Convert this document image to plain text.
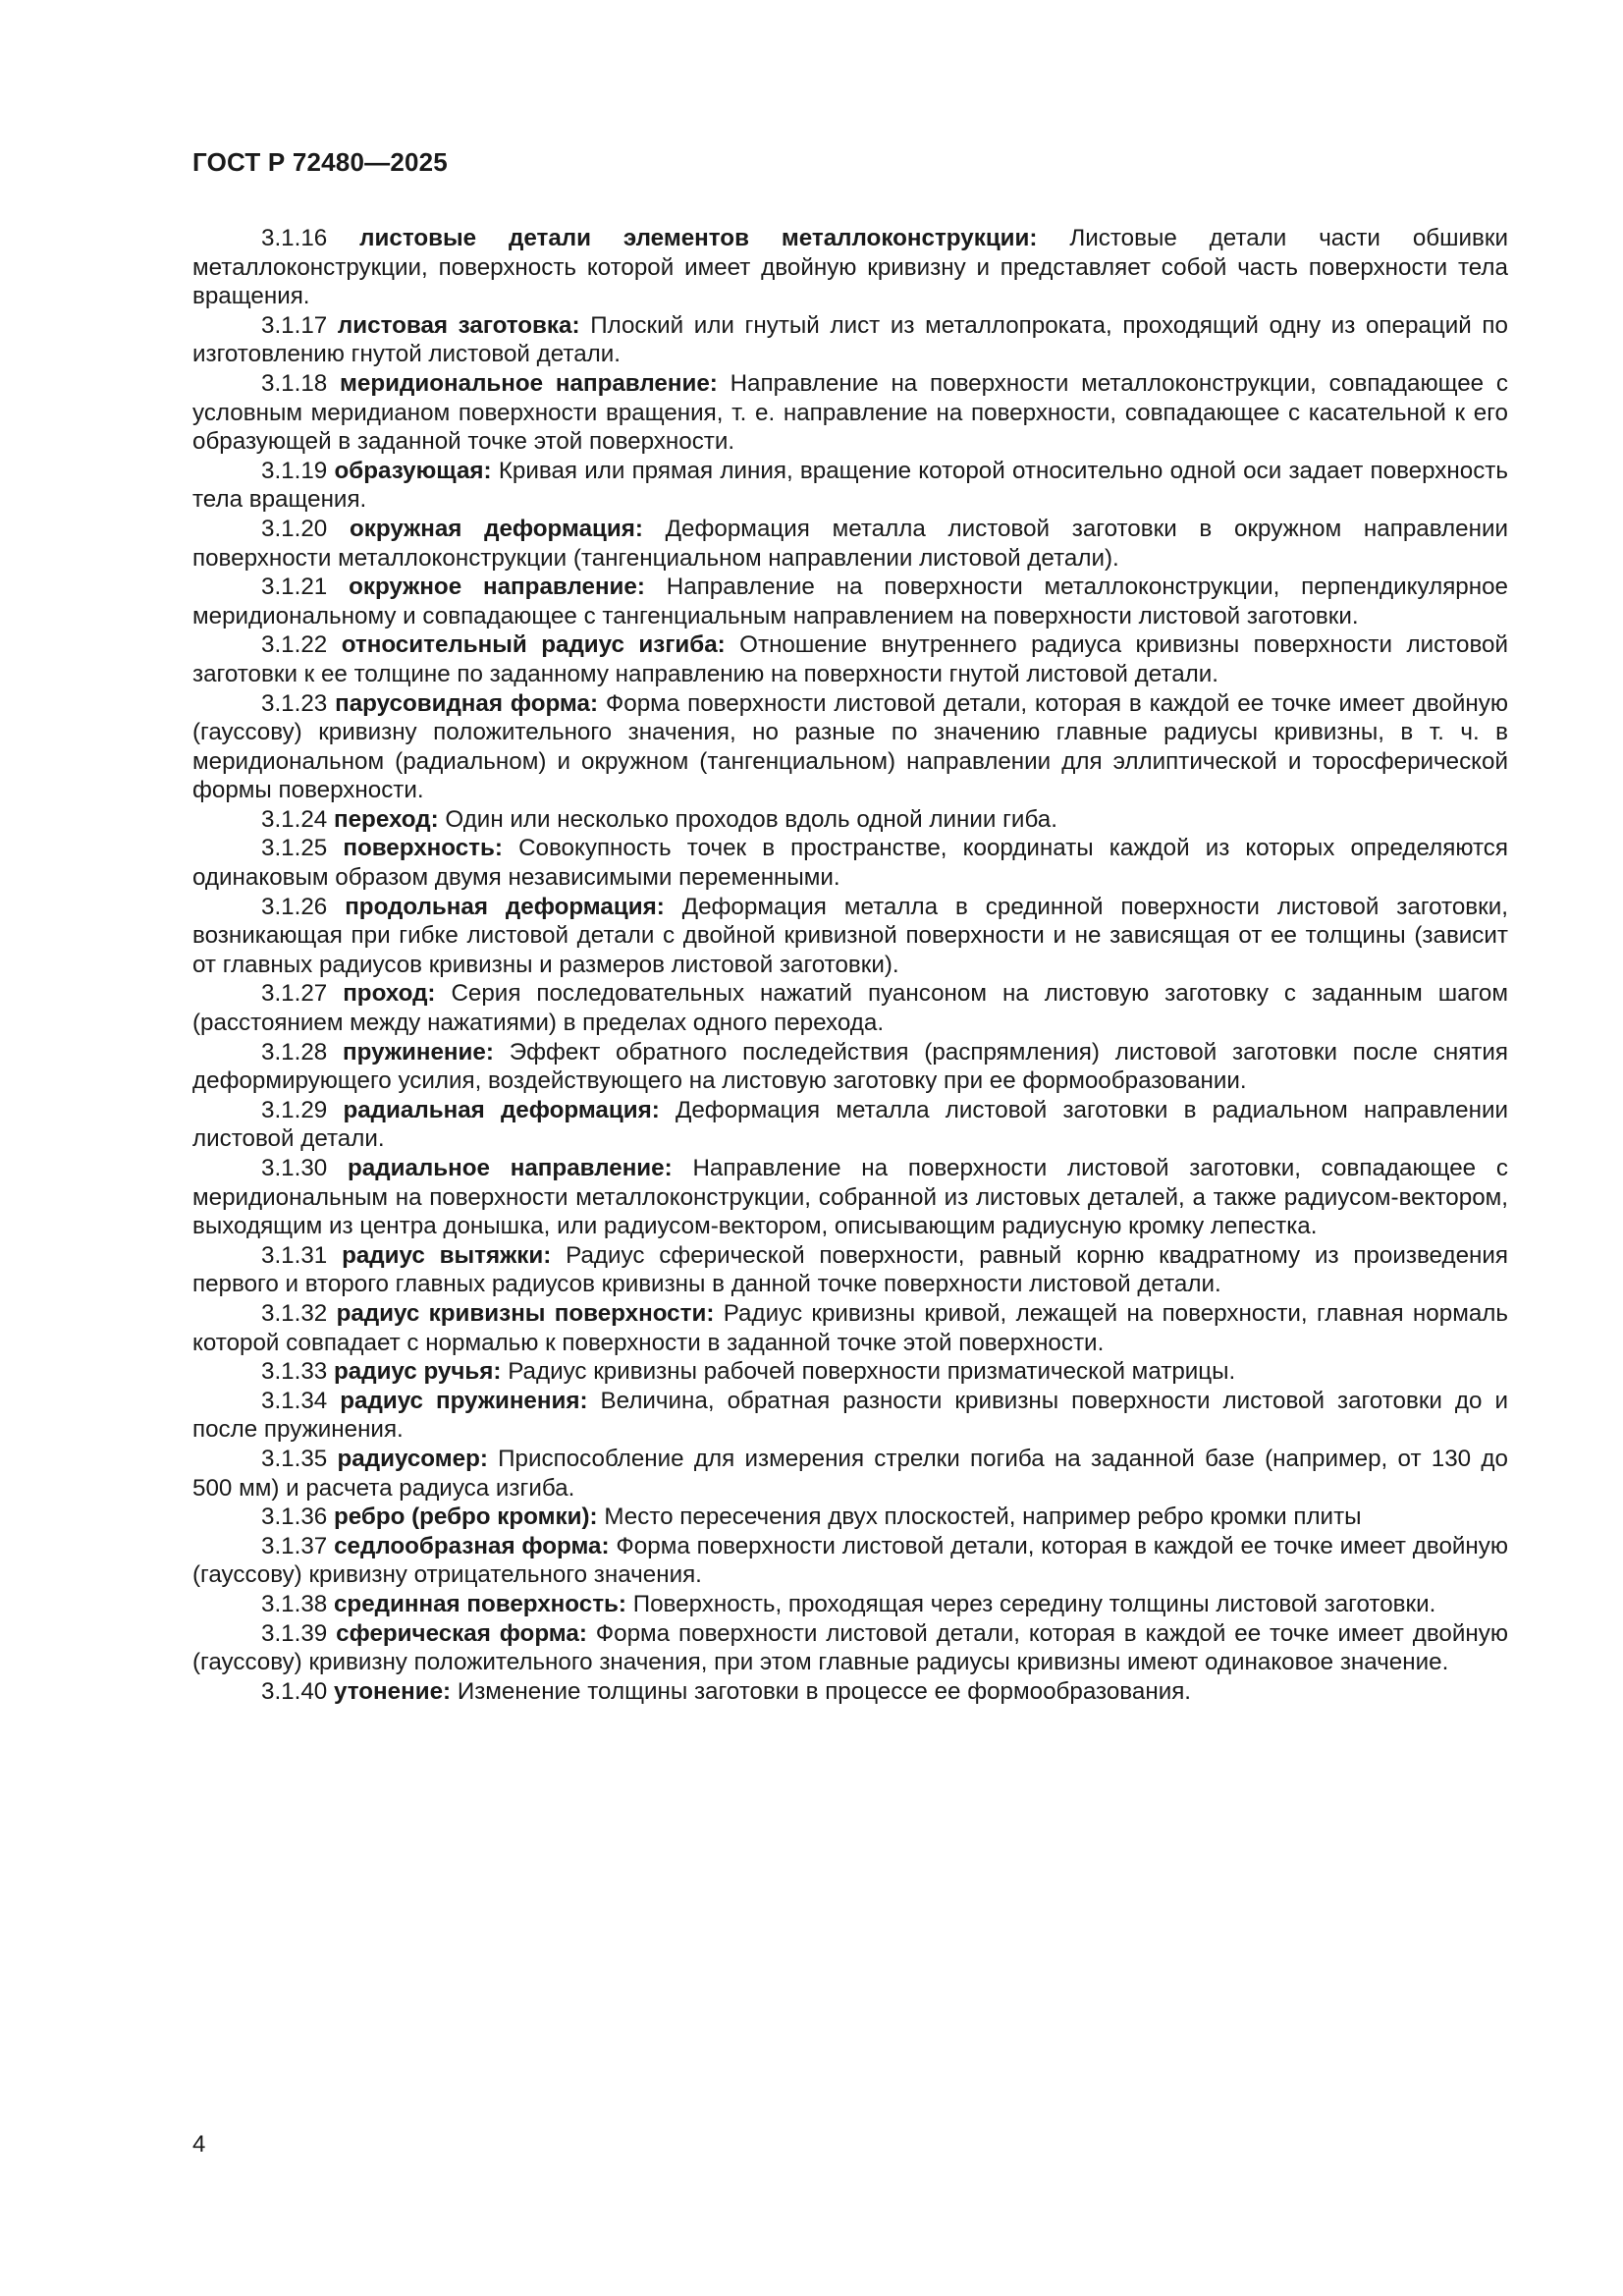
ГОСТ Р 72480—2025

3.1.16 листовые детали элементов металлоконструкции: Листовые детали части обшивки металлоконструкции, поверхность которой имеет двойную кривизну и представляет собой часть поверхности тела вращения.

3.1.17 листовая заготовка: Плоский или гнутый лист из металлопроката, проходящий одну из операций по изготовлению гнутой листовой детали.

3.1.18 меридиональное направление: Направление на поверхности металлоконструкции, совпадающее с условным меридианом поверхности вращения, т. е. направление на поверхности, совпадающее с касательной к его образующей в заданной точке этой поверхности.

3.1.19 образующая: Кривая или прямая линия, вращение которой относительно одной оси задает поверхность тела вращения.

3.1.20 окружная деформация: Деформация металла листовой заготовки в окружном направлении поверхности металлоконструкции (тангенциальном направлении листовой детали).

3.1.21 окружное направление: Направление на поверхности металлоконструкции, перпендикулярное меридиональному и совпадающее с тангенциальным направлением на поверхности листовой заготовки.

3.1.22 относительный радиус изгиба: Отношение внутреннего радиуса кривизны поверхности листовой заготовки к ее толщине по заданному направлению на поверхности гнутой листовой детали.

3.1.23 парусовидная форма: Форма поверхности листовой детали, которая в каждой ее точке имеет двойную (гауссову) кривизну положительного значения, но разные по значению главные радиусы кривизны, в т. ч. в меридиональном (радиальном) и окружном (тангенциальном) направлении для эллиптической и торосферической формы поверхности.

3.1.24 переход: Один или несколько проходов вдоль одной линии гиба.

3.1.25 поверхность: Совокупность точек в пространстве, координаты каждой из которых определяются одинаковым образом двумя независимыми переменными.

3.1.26 продольная деформация: Деформация металла в срединной поверхности листовой заготовки, возникающая при гибке листовой детали с двойной кривизной поверхности и не зависящая от ее толщины (зависит от главных радиусов кривизны и размеров листовой заготовки).

3.1.27 проход: Серия последовательных нажатий пуансоном на листовую заготовку с заданным шагом (расстоянием между нажатиями) в пределах одного перехода.

3.1.28 пружинение: Эффект обратного последействия (распрямления) листовой заготовки после снятия деформирующего усилия, воздействующего на листовую заготовку при ее формообразовании.

3.1.29 радиальная деформация: Деформация металла листовой заготовки в радиальном направлении листовой детали.

3.1.30 радиальное направление: Направление на поверхности листовой заготовки, совпадающее с меридиональным на поверхности металлоконструкции, собранной из листовых деталей, а также радиусом-вектором, выходящим из центра донышка, или радиусом-вектором, описывающим радиусную кромку лепестка.

3.1.31 радиус вытяжки: Радиус сферической поверхности, равный корню квадратному из произведения первого и второго главных радиусов кривизны в данной точке поверхности листовой детали.

3.1.32 радиус кривизны поверхности: Радиус кривизны кривой, лежащей на поверхности, главная нормаль которой совпадает с нормалью к поверхности в заданной точке этой поверхности.

3.1.33 радиус ручья: Радиус кривизны рабочей поверхности призматической матрицы.

3.1.34 радиус пружинения: Величина, обратная разности кривизны поверхности листовой заготовки до и после пружинения.

3.1.35 радиусомер: Приспособление для измерения стрелки погиба на заданной базе (например, от 130 до 500 мм) и расчета радиуса изгиба.

3.1.36 ребро (ребро кромки): Место пересечения двух плоскостей, например ребро кромки плиты

3.1.37 седлообразная форма: Форма поверхности листовой детали, которая в каждой ее точке имеет двойную (гауссову) кривизну отрицательного значения.

3.1.38 срединная поверхность: Поверхность, проходящая через середину толщины листовой заготовки.

3.1.39 сферическая форма: Форма поверхности листовой детали, которая в каждой ее точке имеет двойную (гауссову) кривизну положительного значения, при этом главные радиусы кривизны имеют одинаковое значение.

3.1.40 утонение: Изменение толщины заготовки в процессе ее формообразования.

4
